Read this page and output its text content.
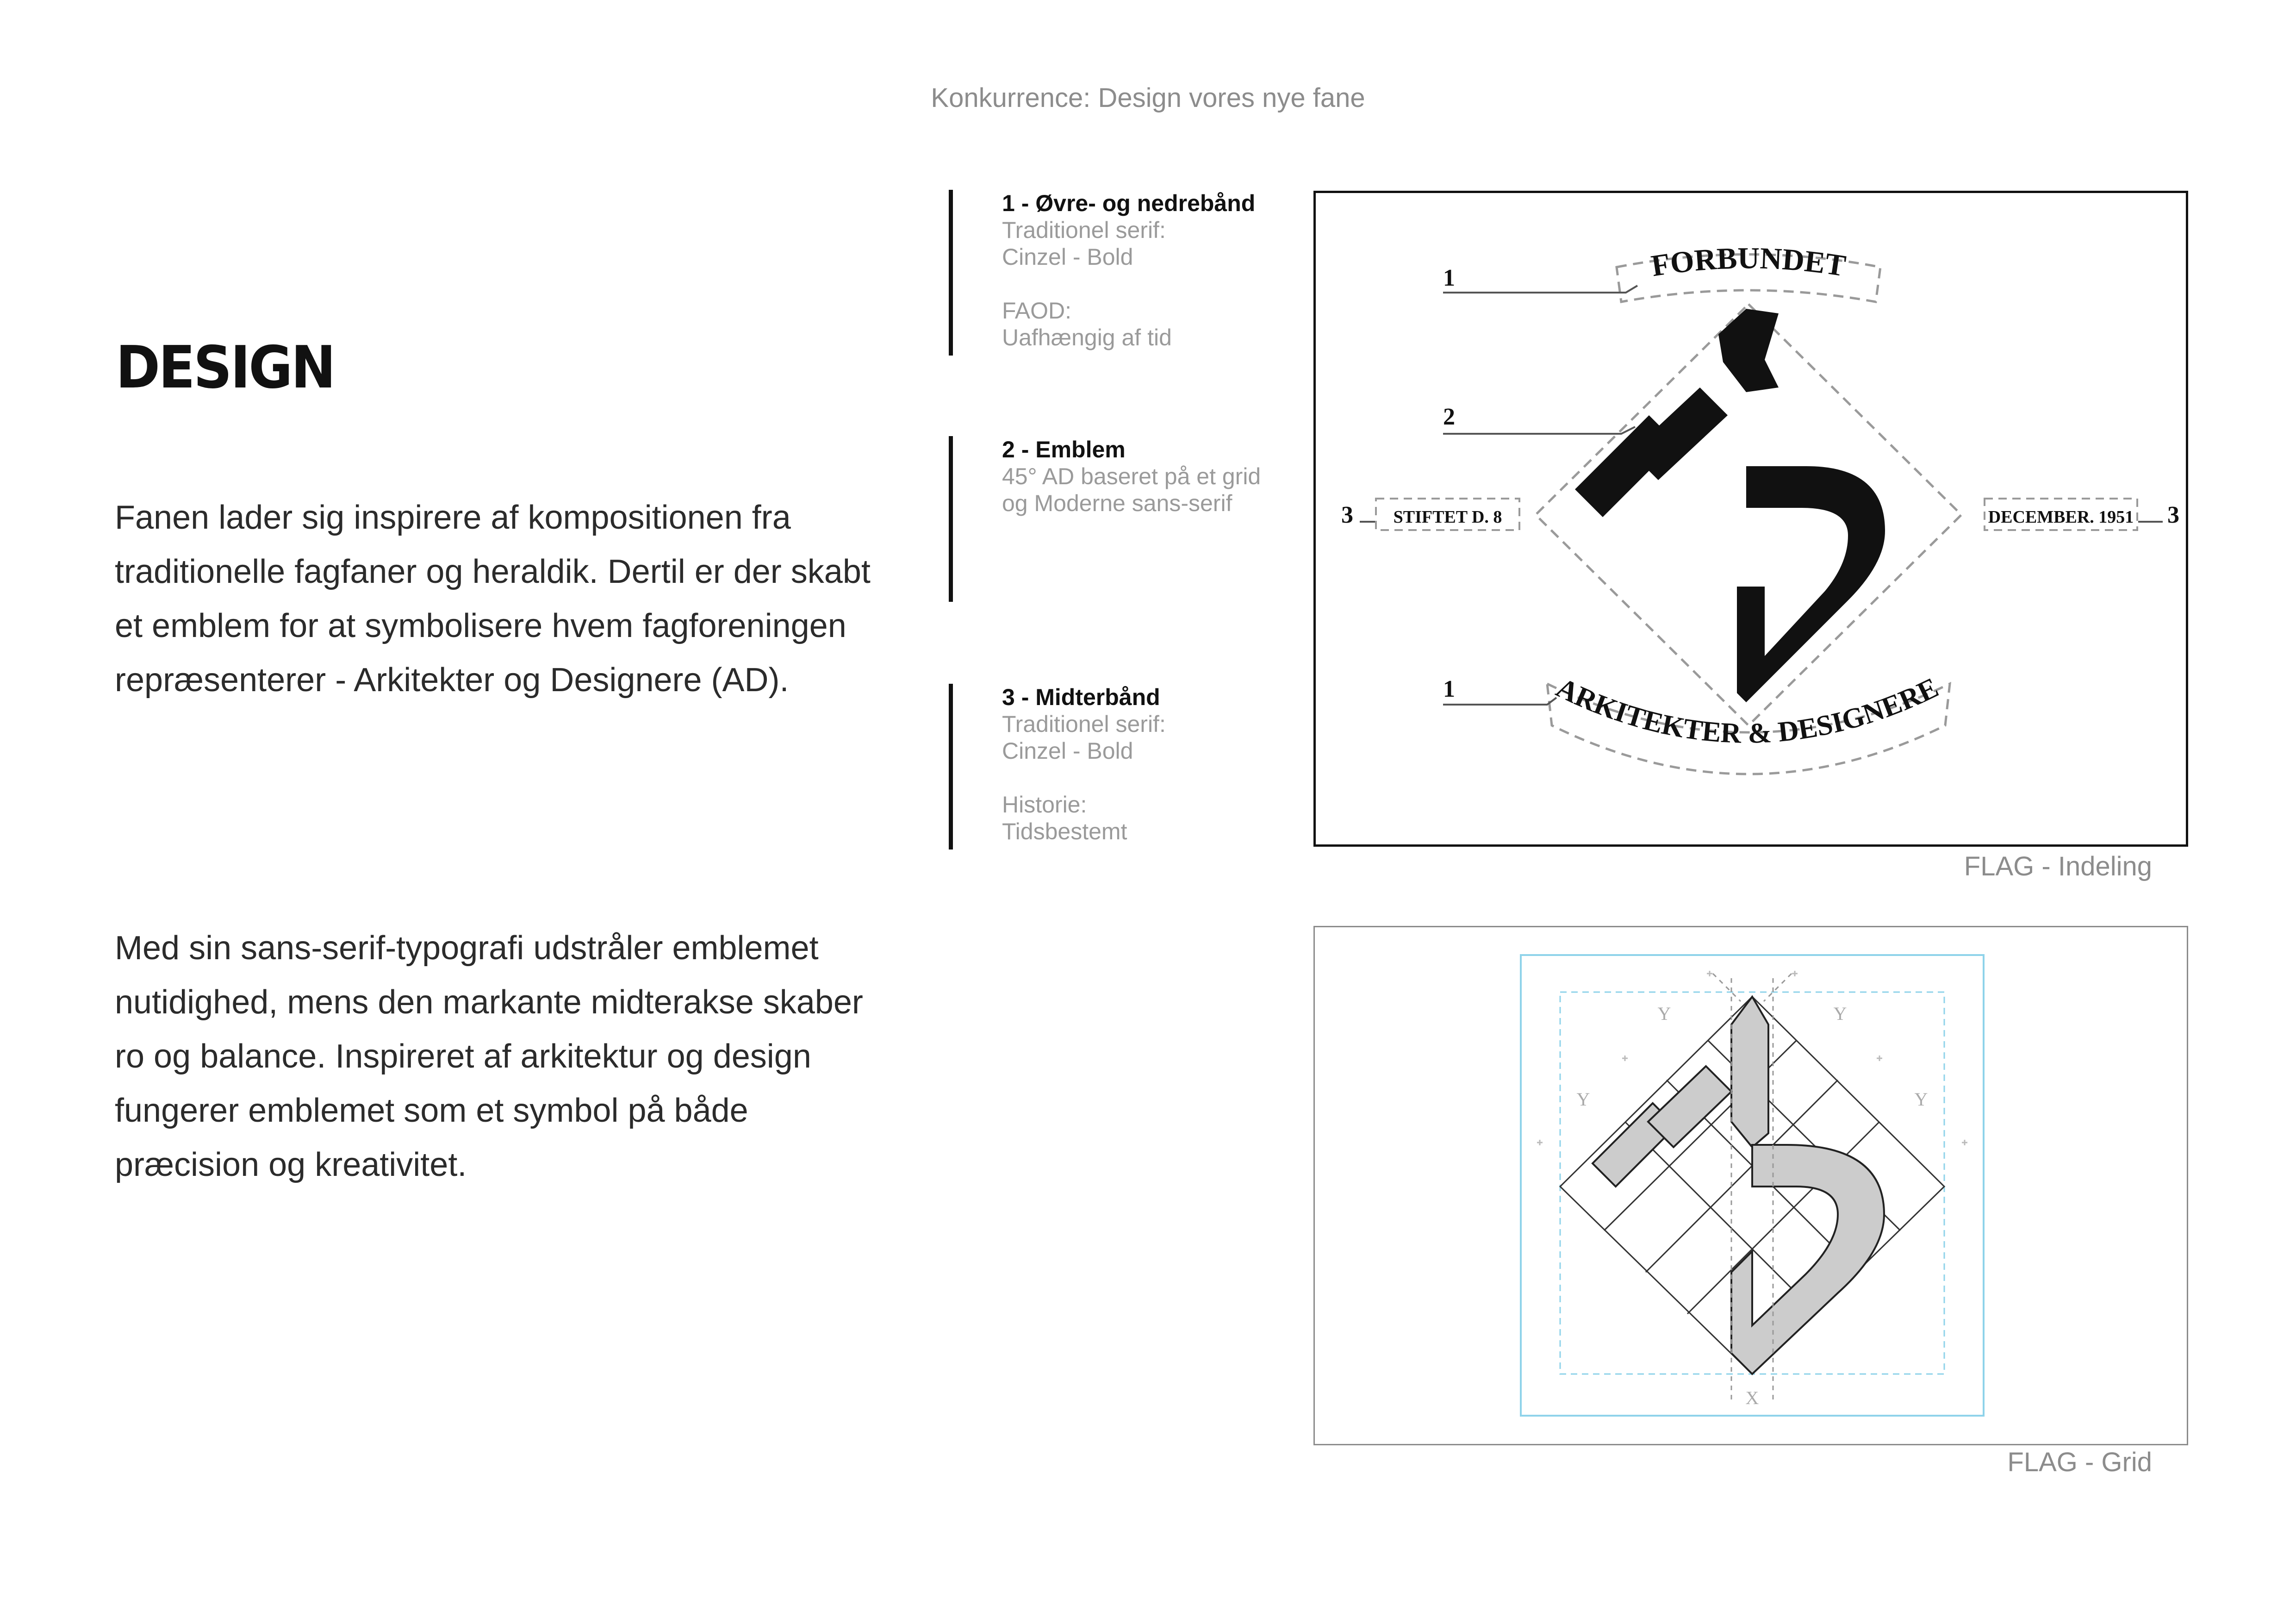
Konkurrence: Design vores nye fane
DESIGN
Fanen lader sig inspirere af kompositionen fra traditionelle fagfaner og heraldik. Dertil er der skabt et emblem for at symbolisere hvem fagforeningen repræsenterer - Arkitekter og Designere (AD).
Med sin sans-serif-typografi udstråler emblemet nutidighed, mens den markante midterakse skaber ro og balance. Inspireret af arkitektur og design fungerer emblemet som et symbol på både præcision og kreativitet.
1 - Øvre- og nedrebånd
Traditionel serif:
Cinzel - Bold
FAOD:
Uafhængig af tid
2 - Emblem
45° AD baseret på et grid
og Moderne sans-serif
3 - Midterbånd
Traditionel serif:
Cinzel - Bold
Historie:
Tidsbestemt
FORBUNDET
ARKITEKTER & DESIGNERE
STIFTET D. 8	DECEMBER. 1951
1
2
3	3
1
FLAG - Indeling
X
Y	Y
Y	Y
FLAG - Grid
